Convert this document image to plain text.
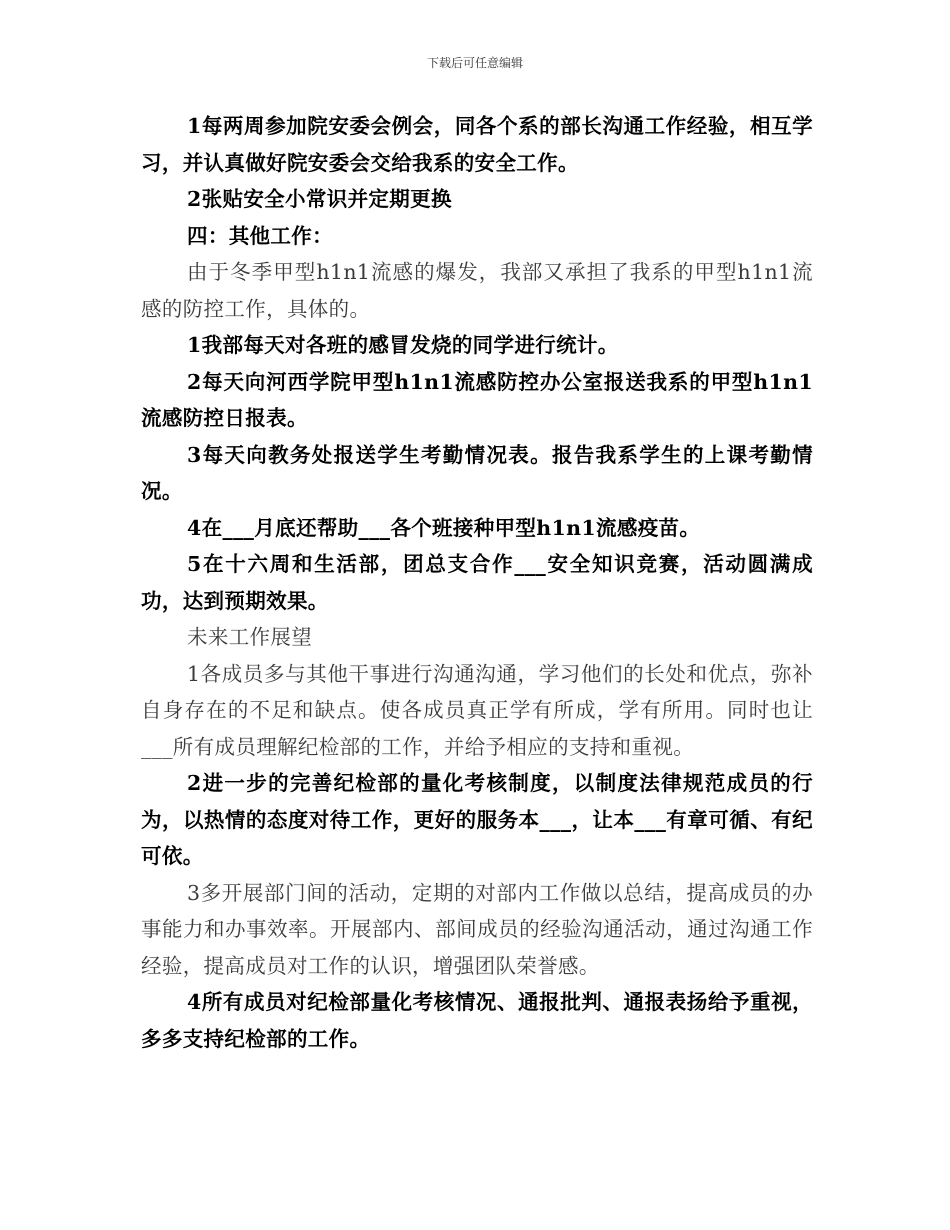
下载后可任意编辑

1每两周参加院安委会例会，同各个系的部长沟通工作经验，相互学习，并认真做好院安委会交给我系的安全工作。

2张贴安全小常识并定期更换

四：其他工作：

由于冬季甲型h1n1流感的爆发，我部又承担了我系的甲型h1n1流感的防控工作，具体的。

1我部每天对各班的感冒发烧的同学进行统计。

2每天向河西学院甲型h1n1流感防控办公室报送我系的甲型h1n1流感防控日报表。

3每天向教务处报送学生考勤情况表。报告我系学生的上课考勤情况。

4在___月底还帮助___各个班接种甲型h1n1流感疫苗。

5在十六周和生活部，团总支合作___安全知识竞赛，活动圆满成功，达到预期效果。

未来工作展望

1各成员多与其他干事进行沟通沟通，学习他们的长处和优点，弥补自身存在的不足和缺点。使各成员真正学有所成，学有所用。同时也让___所有成员理解纪检部的工作，并给予相应的支持和重视。

2进一步的完善纪检部的量化考核制度，以制度法律规范成员的行为，以热情的态度对待工作，更好的服务本___，让本___有章可循、有纪可依。

3多开展部门间的活动，定期的对部内工作做以总结，提高成员的办事能力和办事效率。开展部内、部间成员的经验沟通活动，通过沟通工作经验，提高成员对工作的认识，增强团队荣誉感。

4所有成员对纪检部量化考核情况、通报批判、通报表扬给予重视，多多支持纪检部的工作。
